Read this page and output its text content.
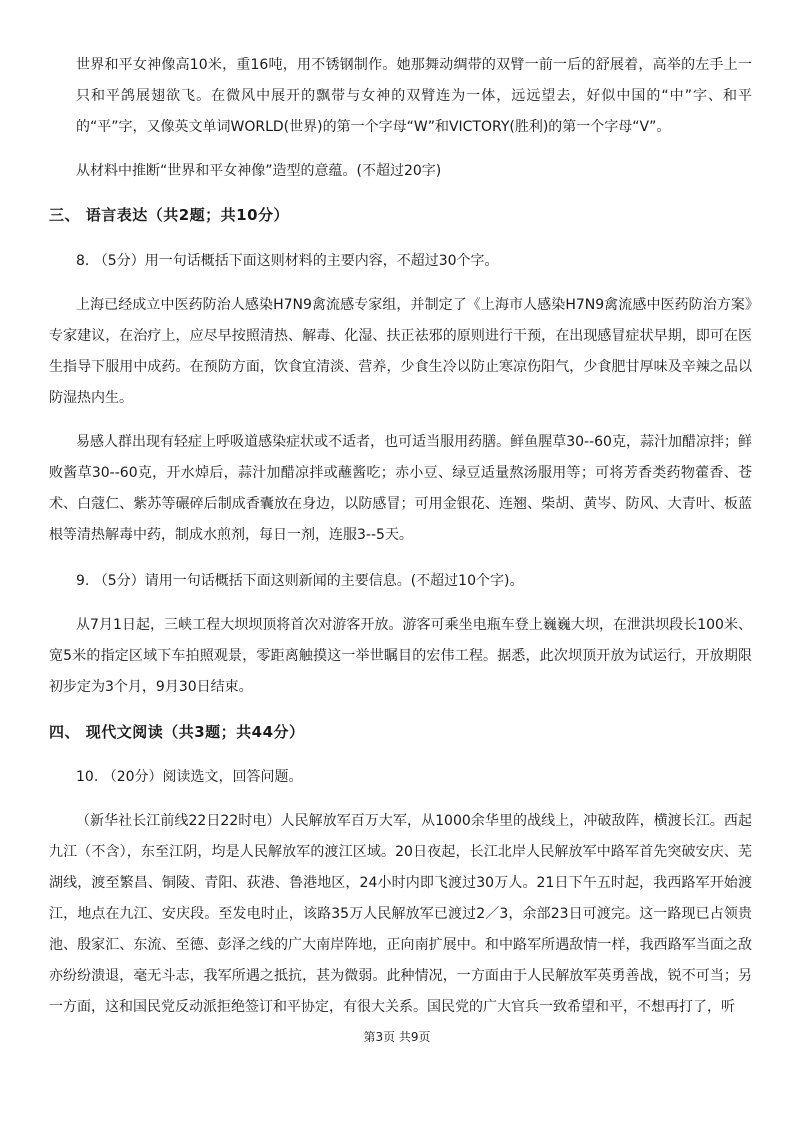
世界和平女神像高10米，重16吨，用不锈钢制作。她那舞动绸带的双臂一前一后的舒展着，高举的左手上一只和平鸽展翅欲飞。在微风中展开的飘带与女神的双臂连为一体，远远望去，好似中国的“中”字、和平的“平”字，又像英文单词WORLD(世界)的第一个字母“W”和VICTORY(胜利)的第一个字母“V”。

从材料中推断“世界和平女神像”造型的意蕴。(不超过20字)

三、 语言表达（共2题；共10分）

8. （5分）用一句话概括下面这则材料的主要内容，不超过30个字。

上海已经成立中医药防治人感染H7N9禽流感专家组，并制定了《上海市人感染H7N9禽流感中医药防治方案》专家建议，在治疗上，应尽早按照清热、解毒、化湿、扶正祛邪的原则进行干预，在出现感冒症状早期，即可在医生指导下服用中成药。在预防方面，饮食宜清淡、营养，少食生冷以防止寒凉伤阳气，少食肥甘厚味及辛辣之品以防湿热内生。

易感人群出现有轻症上呼吸道感染症状或不适者，也可适当服用药膳。鲜鱼腥草30--60克，蒜汁加醋凉拌；鲜败酱草30--60克，开水焯后，蒜汁加醋凉拌或蘸酱吃；赤小豆、绿豆适量熬汤服用等；可将芳香类药物藿香、苍术、白蔻仁、紫苏等碾碎后制成香囊放在身边，以防感冒；可用金银花、连翘、柴胡、黄岑、防风、大青叶、板蓝根等清热解毒中药，制成水煎剂，每日一剂，连服3--5天。

9. （5分）请用一句话概括下面这则新闻的主要信息。(不超过10个字)。

从7月1日起，三峡工程大坝坝顶将首次对游客开放。游客可乘坐电瓶车登上巍巍大坝，在泄洪坝段长100米、宽5米的指定区域下车拍照观景，零距离触摸这一举世瞩目的宏伟工程。据悉，此次坝顶开放为试运行，开放期限初步定为3个月，9月30日结束。

四、 现代文阅读（共3题；共44分）

10. （20分）阅读选文，回答问题。

（新华社长江前线22日22时电）人民解放军百万大军，从1000余华里的战线上，冲破敌阵，横渡长江。西起九江（不含），东至江阴，均是人民解放军的渡江区域。20日夜起，长江北岸人民解放军中路军首先突破安庆、芜湖线，渡至繁昌、铜陵、青阳、荻港、鲁港地区，24小时内即飞渡过30万人。21日下午五时起，我西路军开始渡江，地点在九江、安庆段。至发电时止，该路35万人民解放军已渡过2／3，余部23日可渡完。这一路现已占领贵池、殷家汇、东流、至德、彭泽之线的广大南岸阵地，正向南扩展中。和中路军所遇敌情一样，我西路军当面之敌亦纷纷溃退，毫无斗志，我军所遇之抵抗，甚为微弱。此种情况，一方面由于人民解放军英勇善战，锐不可当；另一方面，这和国民党反动派拒绝签订和平协定，有很大关系。国民党的广大官兵一致希望和平，不想再打了，听

第3页 共9页
